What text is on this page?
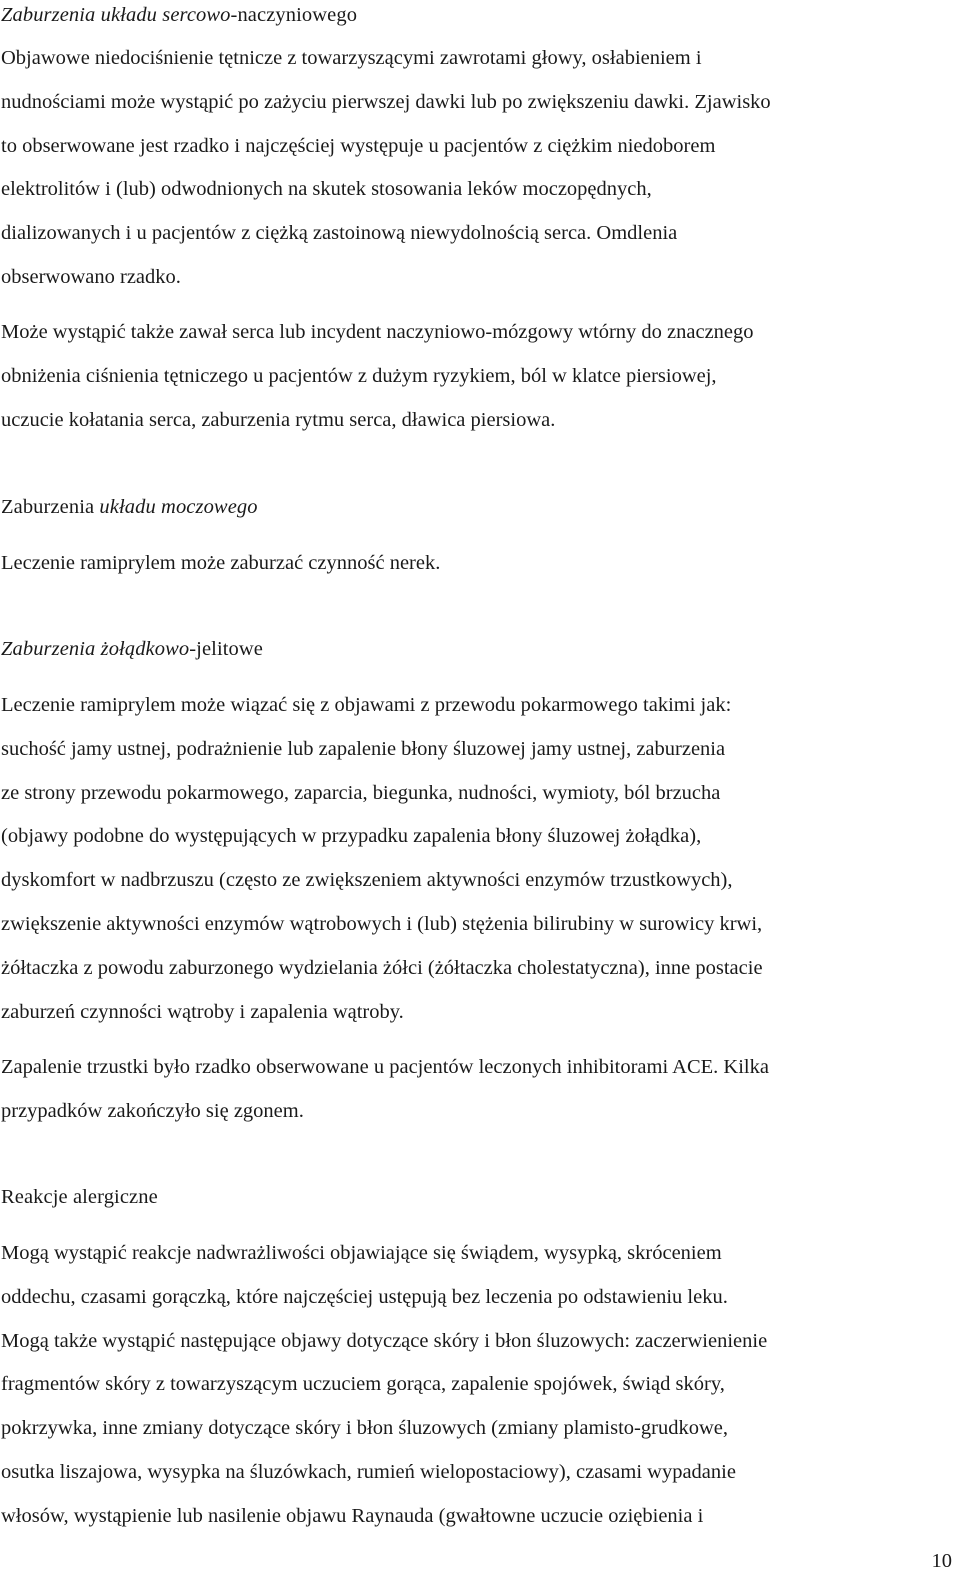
Zaburzenia układu sercowo-naczyniowego
Objawowe niedociśnienie tętnicze z towarzyszącymi zawrotami głowy, osłabieniem i
nudnościami może wystąpić po zażyciu pierwszej dawki lub po zwiększeniu dawki. Zjawisko
to obserwowane jest rzadko i najczęściej występuje u pacjentów z ciężkim niedoborem
elektrolitów i (lub) odwodnionych na skutek stosowania leków moczopędnych,
dializowanych i u pacjentów z ciężką zastoinową niewydolnością serca. Omdlenia
obserwowano rzadko.
Może wystąpić także zawał serca lub incydent naczyniowo-mózgowy wtórny do znacznego
obniżenia ciśnienia tętniczego u pacjentów z dużym ryzykiem, ból w klatce piersiowej,
uczucie kołatania serca, zaburzenia rytmu serca, dławica piersiowa.
Zaburzenia układu moczowego
Leczenie ramiprylem może zaburzać czynność nerek.
Zaburzenia żołądkowo-jelitowe
Leczenie ramiprylem może wiązać się z objawami z przewodu pokarmowego takimi jak:
suchość jamy ustnej, podrażnienie lub zapalenie błony śluzowej jamy ustnej, zaburzenia
ze strony przewodu pokarmowego, zaparcia, biegunka, nudności, wymioty, ból brzucha
(objawy podobne do występujących w przypadku zapalenia błony śluzowej żołądka),
dyskomfort w nadbrzuszu (często ze zwiększeniem aktywności enzymów trzustkowych),
zwiększenie aktywności enzymów wątrobowych i (lub) stężenia bilirubiny w surowicy krwi,
żółtaczka z powodu zaburzonego wydzielania żółci (żółtaczka cholestatyczna), inne postacie
zaburzeń czynności wątroby i zapalenia wątroby.
Zapalenie trzustki było rzadko obserwowane u pacjentów leczonych inhibitorami ACE. Kilka
przypadków zakończyło się zgonem.
Reakcje alergiczne
Mogą wystąpić reakcje nadwrażliwości objawiające się świądem, wysypką, skróceniem
oddechu, czasami gorączką, które najczęściej ustępują bez leczenia po odstawieniu leku.
Mogą także wystąpić następujące objawy dotyczące skóry i błon śluzowych: zaczerwienienie
fragmentów skóry z towarzyszącym uczuciem gorąca, zapalenie spojówek, świąd skóry,
pokrzywka, inne zmiany dotyczące skóry i błon śluzowych (zmiany plamisto-grudkowe,
osutka liszajowa, wysypka na śluzówkach, rumień wielopostaciowy), czasami wypadanie
włosów, wystąpienie lub nasilenie objawu Raynauda (gwałtowne uczucie oziębienia i
10
